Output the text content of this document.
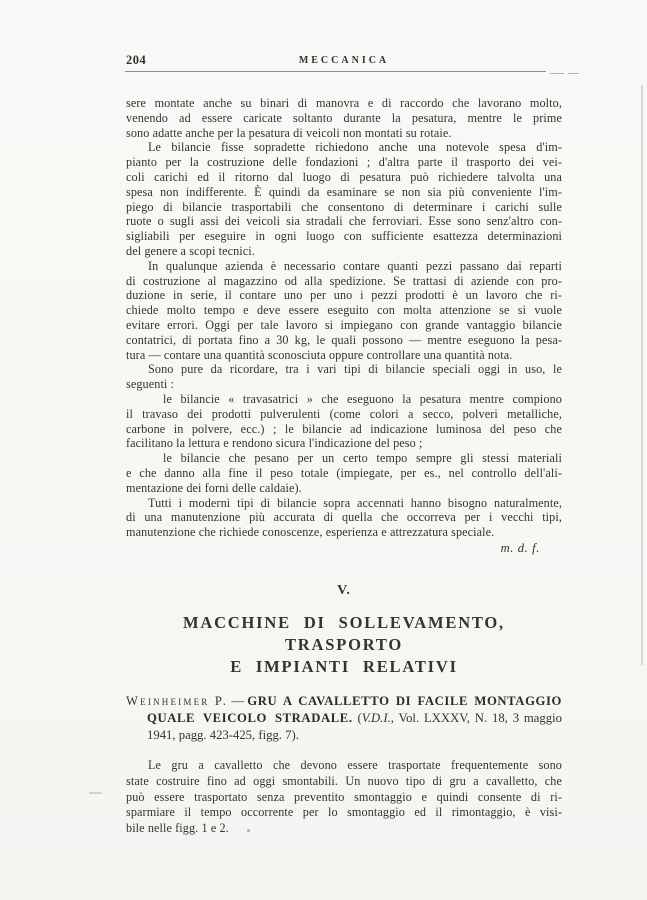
204	MECCANICA
sere montate anche su binari di manovra e di raccordo che lavorano molto,
venendo ad essere caricate soltanto durante la pesatura, mentre le prime
sono adatte anche per la pesatura di veicoli non montati su rotaie.
Le bilancie fisse sopradette richiedono anche una notevole spesa d'im-
pianto per la costruzione delle fondazioni ; d'altra parte il trasporto dei vei-
coli carichi ed il ritorno dal luogo di pesatura può richiedere talvolta una
spesa non indifferente. È quindi da esaminare se non sia più conveniente l'im-
piego di bilancie trasportabili che consentono di determinare i carichi sulle
ruote o sugli assi dei veicoli sia stradali che ferroviari. Esse sono senz'altro con-
sigliabili per eseguire in ogni luogo con sufficiente esattezza determinazioni
del genere a scopi tecnici.
In qualunque azienda è necessario contare quanti pezzi passano dai reparti
di costruzione al magazzino od alla spedizione. Se trattasi di aziende con pro-
duzione in serie, il contare uno per uno i pezzi prodotti è un lavoro che ri-
chiede molto tempo e deve essere eseguito con molta attenzione se si vuole
evitare errori. Oggi per tale lavoro si impiegano con grande vantaggio bilancie
contatrici, di portata fino a 30 kg, le quali possono — mentre eseguono la pesa-
tura — contare una quantità sconosciuta oppure controllare una quantità nota.
Sono pure da ricordare, tra i vari tipi di bilancie speciali oggi in uso, le
seguenti :
le bilancie « travasatrici » che eseguono la pesatura mentre compiono
il travaso dei prodotti pulverulenti (come colori a secco, polveri metalliche,
carbone in polvere, ecc.) ; le bilancie ad indicazione luminosa del peso che
facilitano la lettura e rendono sicura l'indicazione del peso ;
le bilancie che pesano per un certo tempo sempre gli stessi materiali
e che danno alla fine il peso totale (impiegate, per es., nel controllo dell'ali-
mentazione dei forni delle caldaie).
Tutti i moderni tipi di bilancie sopra accennati hanno bisogno naturalmente,
di una manutenzione più accurata di quella che occorreva per i vecchi tipi,
manutenzione che richiede conoscenze, esperienza e attrezzatura speciale.
m. d. f.
V.
MACCHINE DI SOLLEVAMENTO, TRASPORTO
E IMPIANTI RELATIVI
Weinheimer P. — GRU A CAVALLETTO DI FACILE MONTAGGIO
QUALE VEICOLO STRADALE. (V.D.I., Vol. LXXXV, N. 18, 3 maggio
1941, pagg. 423-425, figg. 7).
Le gru a cavalletto che devono essere trasportate frequentemente sono
state costruire fino ad oggi smontabili. Un nuovo tipo di gru a cavalletto, che
può essere trasportato senza preventito smontaggio e quindi consente di ri-
sparmiare il tempo occorrente per lo smontaggio ed il rimontaggio, è visi-
bile nelle figg. 1 e 2.
